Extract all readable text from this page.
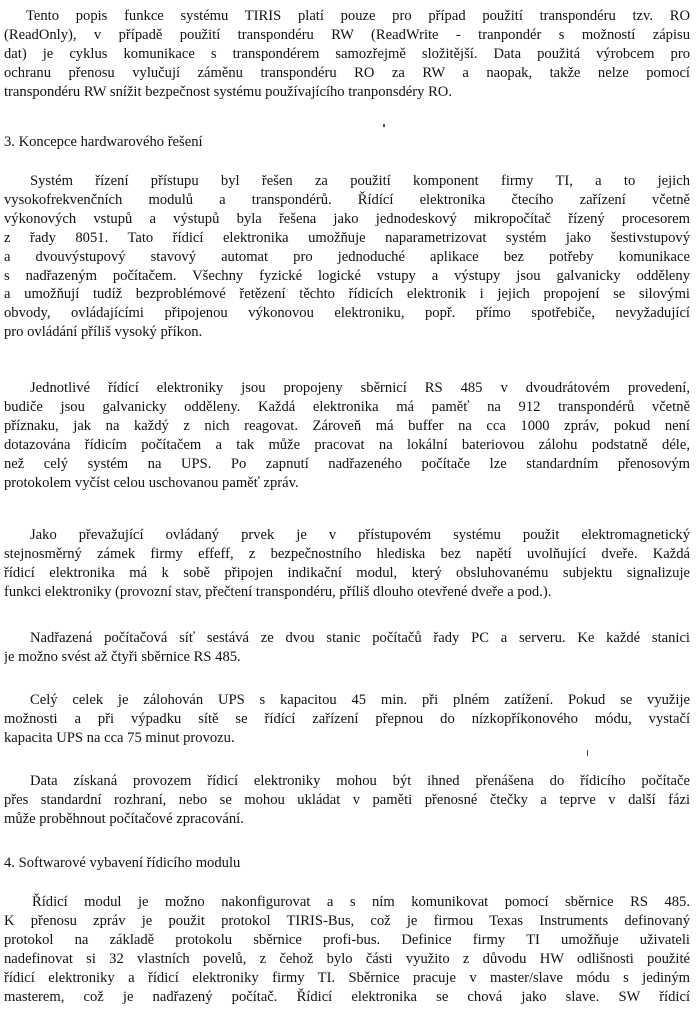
Tento popis funkce systému TIRIS platí pouze pro případ použití transpondéru tzv. RO
(ReadOnly), v případě použití transpondéru RW (ReadWrite - tranpondér s možností zápisu
dat) je cyklus komunikace s transpondérem samozřejmě složitější. Data použitá výrobcem pro
ochranu přenosu vylučují záměnu transpondéru RO za RW a naopak, takže nelze pomocí
transpondéru RW snížit bezpečnost systému používajícího tranponsdéry RO.
3. Koncepce hardwarového řešení
Systém řízení přístupu byl řešen za použití komponent firmy TI, a to jejich
vysokofrekvenčních modulů a transpondérů. Řídící elektronika čtecího zařízení včetně
výkonových vstupů a výstupů byla řešena jako jednodeskový mikropočítač řízený procesorem
z řady 8051. Tato řídicí elektronika umožňuje naparametrizovat systém jako šestivstupový
a dvouvýstupový stavový automat pro jednoduché aplikace bez potřeby komunikace
s nadřazeným počítačem. Všechny fyzické logické vstupy a výstupy jsou galvanicky odděleny
a umožňují tudíž bezproblémové řetězení těchto řídicích elektronik i jejich propojení se silovými
obvody, ovládajícími připojenou výkonovou elektroniku, popř. přímo spotřebiče, nevyžadující
pro ovládání příliš vysoký příkon.
Jednotlivé řídící elektroniky jsou propojeny sběrnicí RS 485 v dvoudrátovém provedení,
budiče jsou galvanicky odděleny. Každá elektronika má paměť na 912 transpondérů včetně
příznaku, jak na každý z nich reagovat. Zároveň má buffer na cca 1000 zpráv, pokud není
dotazována řídicím počítačem a tak může pracovat na lokální bateriovou zálohu podstatně déle,
než celý systém na UPS. Po zapnutí nadřazeného počítače lze standardním přenosovým
protokolem vyčíst celou uschovanou paměť zpráv.
Jako převažující ovládaný prvek je v přístupovém systému použit elektromagnetický
stejnosměrný zámek firmy effeff, z bezpečnostního hlediska bez napětí uvolňující dveře. Každá
řídicí elektronika má k sobě připojen indikační modul, který obsluhovanému subjektu signalizuje
funkci elektroniky (provozní stav, přečtení transpondéru, příliš dlouho otevřené dveře a pod.).
Nadřazená počítačová síť sestává ze dvou stanic počítačů řady PC a serveru. Ke každé stanici
je možno svést až čtyři sběrnice RS 485.
Celý celek je zálohován UPS s kapacitou 45 min. při plném zatížení. Pokud se využije
možnosti a při výpadku sítě se řídící zařízení přepnou do nízkopříkonového módu, vystačí
kapacita UPS na cca 75 minut provozu.
Data získaná provozem řídicí elektroniky mohou být ihned přenášena do řídicího počítače
přes standardní rozhraní, nebo se mohou ukládat v paměti přenosné čtečky a teprve v další fázi
může proběhnout počítačové zpracování.
4. Softwarové vybavení řídicího modulu
Řídicí modul je možno nakonfigurovat a s ním komunikovat pomocí sběrnice RS 485.
K přenosu zpráv je použit protokol TIRIS-Bus, což je firmou Texas Instruments definovaný
protokol na základě protokolu sběrnice profi-bus. Definice firmy TI umožňuje uživateli
nadefinovat si 32 vlastních povelů, z čehož bylo části využito z důvodu HW odlišnosti použité
řídicí elektroniky a řídicí elektroniky firmy TI. Sběrnice pracuje v master/slave módu s jediným
masterem, což je nadřazený počítač. Řídicí elektronika se chová jako slave. SW řídicí
